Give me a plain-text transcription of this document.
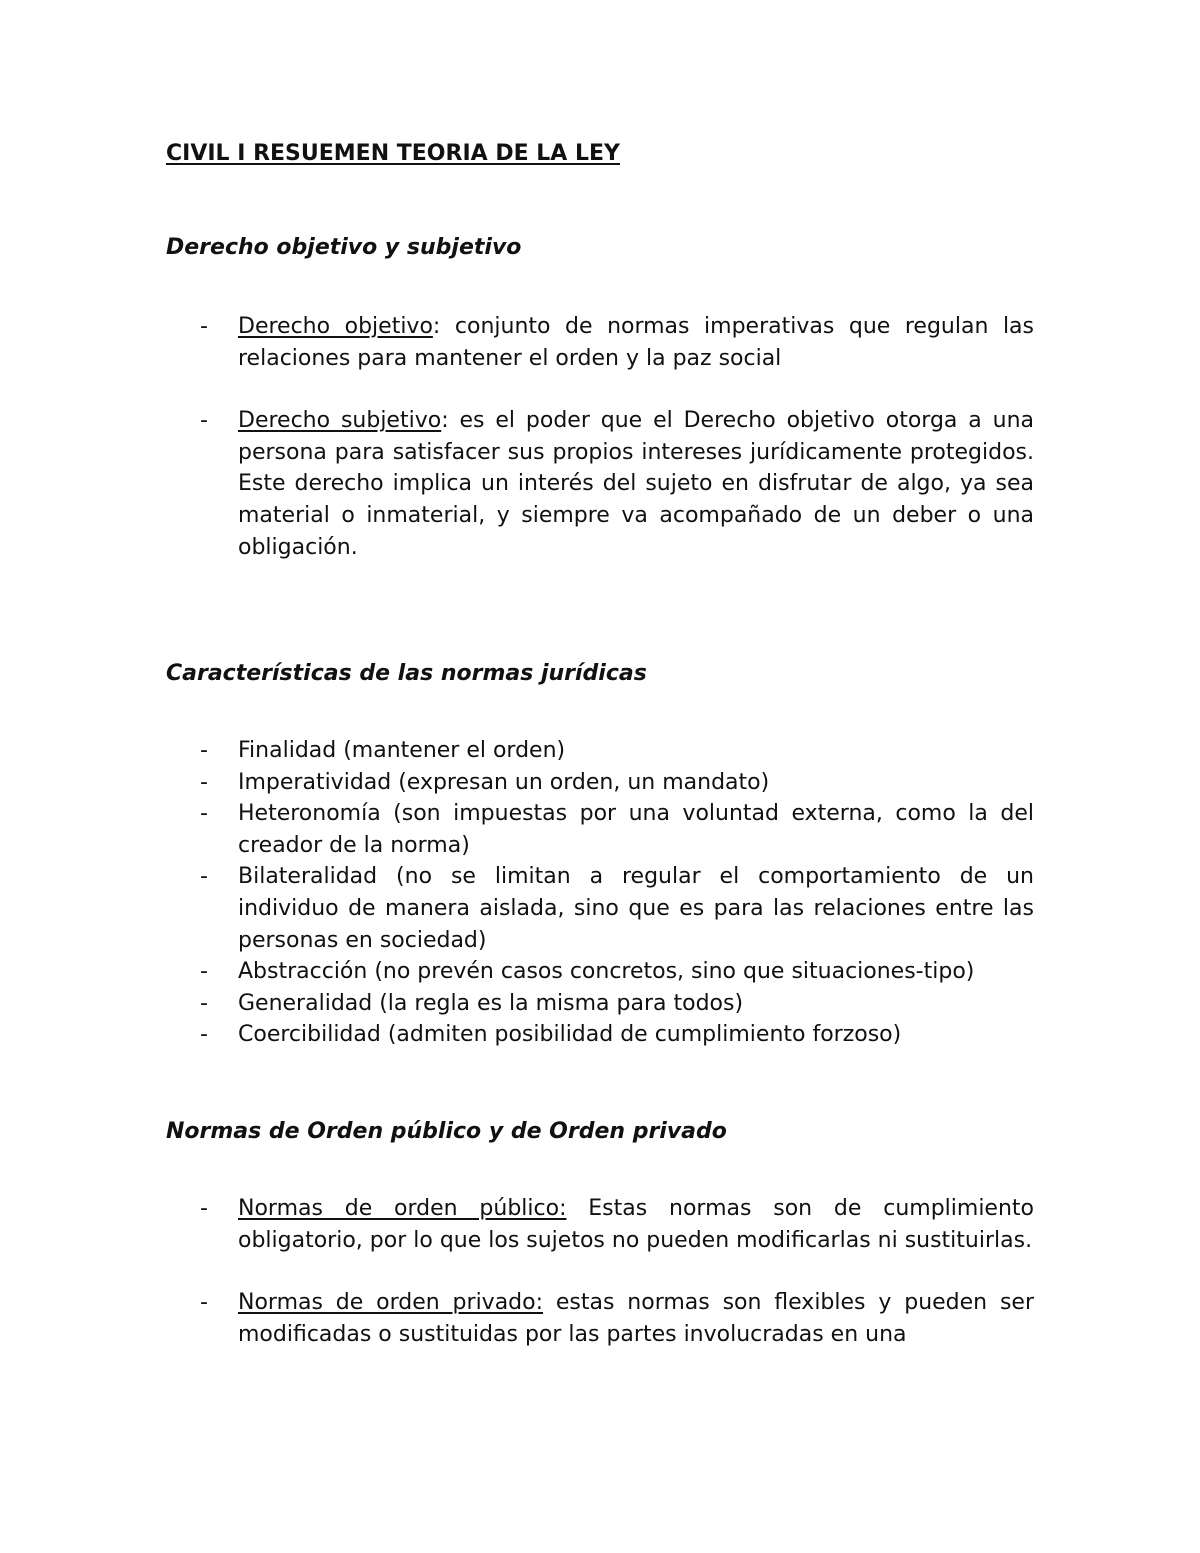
CIVIL I RESUEMEN TEORIA DE LA LEY
Derecho objetivo y subjetivo
- Derecho objetivo: conjunto de normas imperativas que regulan las relaciones para mantener el orden y la paz social
- Derecho subjetivo: es el poder que el Derecho objetivo otorga a una persona para satisfacer sus propios intereses jurídicamente protegidos. Este derecho implica un interés del sujeto en disfrutar de algo, ya sea material o inmaterial, y siempre va acompañado de un deber o una obligación.
Características de las normas jurídicas
- Finalidad (mantener el orden)
- Imperatividad (expresan un orden, un mandato)
- Heteronomía (son impuestas por una voluntad externa, como la del creador de la norma)
- Bilateralidad (no se limitan a regular el comportamiento de un individuo de manera aislada, sino que es para las relaciones entre las personas en sociedad)
- Abstracción (no prevén casos concretos, sino que situaciones-tipo)
- Generalidad (la regla es la misma para todos)
- Coercibilidad (admiten posibilidad de cumplimiento forzoso)
Normas de Orden público y de Orden privado
- Normas de orden público: Estas normas son de cumplimiento obligatorio, por lo que los sujetos no pueden modificarlas ni sustituirlas.
- Normas de orden privado: estas normas son flexibles y pueden ser modificadas o sustituidas por las partes involucradas en una
